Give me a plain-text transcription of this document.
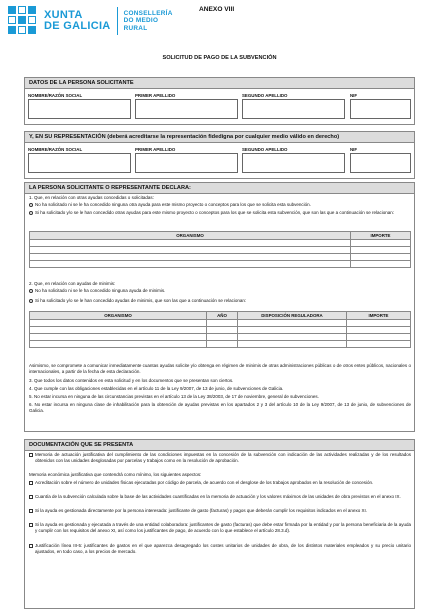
XUNTA
DE GALICIA
CONSELLERÍA
DO MEDIO
RURAL
ANEXO VIII
SOLICITUD DE PAGO DE LA SUBVENCIÓN
DATOS DE LA PERSONA SOLICITANTE
NOMBRE/RAZÓN SOCIAL	PRIMER APELLIDO	SEGUNDO APELLIDO	NIF
Y, EN SU REPRESENTACIÓN (deberá acreditarse la representación fidedigna por cualquier medio válido en derecho)
NOMBRE/RAZÓN SOCIAL	PRIMER APELLIDO	SEGUNDO APELLIDO	NIF
LA PERSONA SOLICITANTE O REPRESENTANTE DECLARA:
1. Que, en relación con otras ayudas concedidas o solicitadas:
No ha solicitado ni se le ha concedido ninguna otra ayuda para este mismo proyecto o conceptos para los que se solicita esta subvención.
Si ha solicitado y/o se le han concedido otras ayudas para este mismo proyecto o conceptos para los que se solicita esta subvención, que son las que a continuación se relacionan:
ORGANISMO	IMPORTE

2. Que, en relación con ayudas de minimis:
No ha solicitado ni se le ha concedido ninguna ayuda de minimis.
Si ha solicitado y/o se le han concedido ayudas de minimis, que son las que a continuación se relacionan:
ORGANISMO	AÑO	DISPOSICIÓN REGULADORA	IMPORTE

Asimismo, se compromete a comunicar inmediatamente cuantas ayudas solicite y/o obtenga en régimen de minimis de otras administraciones públicas o de otros entes públicos, nacionales o internacionales, a partir de la fecha de esta declaración.
3. Que todos los datos contenidos en esta solicitud y en los documentos que se presentan son ciertos.
4. Que cumple con las obligaciones establecidas en el artículo 11 de la Ley 9/2007, de 13 de junio, de subvenciones de Galicia.
5. No estar incursa en ninguna de las circunstancias previstas en el artículo 13 de la Ley 38/2003, de 17 de noviembre, general de subvenciones.
6. No estar incursa en ninguna clase de inhabilitación para la obtención de ayudas previstas en los apartados 2 y 3 del artículo 10 de la Ley 9/2007, de 13 de junio, de subvenciones de Galicia.
DOCUMENTACIÓN QUE SE PRESENTA
Memoria de actuación justificativa del cumplimiento de las condiciones impuestas en la concesión de la subvención con indicación de las actividades realizadas y de los resultados obtenidos con las unidades desglosadas por parcelas y trabajos como en la resolución de aprobación.
Memoria económica justificativa que contendrá como mínimo, los siguientes aspectos:
Acreditación sobre el número de unidades físicas ejecutadas por código de parcela, de acuerdo con el desglose de los trabajos aprobados en la resolución de concesión.
Cuantía de la subvención calculada sobre la base de las actividades cuantificadas en la memoria de actuación y los valores máximos de las unidades de obra previstos en el anexo IX.
Si la ayuda es gestionada directamente por la persona interesada: justificante de gasto (facturas) y pagos que deberán cumplir los requisitos indicados en el anexo XI.
Si la ayuda es gestionada y ejecutada a través de una entidad colaboradora: justificantes de gasto (facturas) que debe estar firmada por la entidad y por la persona beneficiaria de la ayuda y cumplir con los requisitos del anexo XI, así como los justificantes de pago, de acuerdo con lo que establece el artículo 28.3.d).
Justificación línea III-5: justificantes de gastos en el que aparezca desagregado los costes unitarios de unidades de obra, de los distintos materiales empleados y su precio unitario ajustados, en todo caso, a los precios de mercado.
